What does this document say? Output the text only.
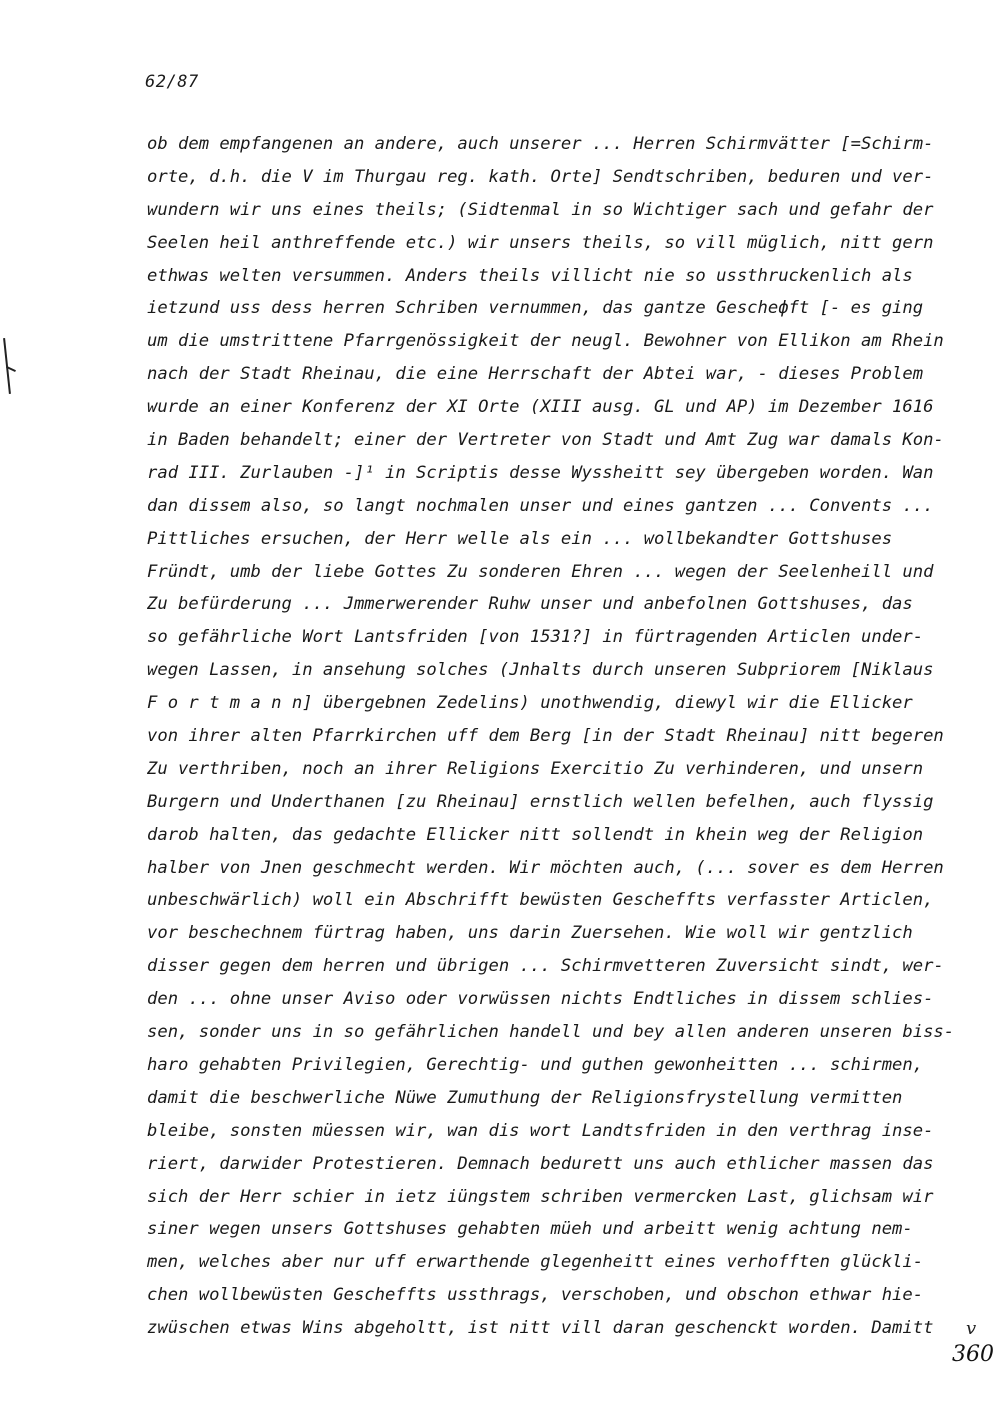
62/87
ob dem empfangenen an andere, auch unserer ... Herren Schirmvätter [=Schirm-
orte, d.h. die V im Thurgau reg. kath. Orte] Sendtschriben, beduren und ver-
wundern wir uns eines theils; (Sidtenmal in so Wichtiger sach und gefahr der
Seelen heil anthreffende etc.) wir unsers theils, so vill müglich, nitt gern
ethwas welten versummen. Anders theils villicht nie so ussthruckenlich als
ietzund uss dess herren Schriben vernummen, das gantze Gescheфft [- es ging
um die umstrittene Pfarrgenössigkeit der neugl. Bewohner von Ellikon am Rhein
nach der Stadt Rheinau, die eine Herrschaft der Abtei war, - dieses Problem
wurde an einer Konferenz der XI Orte (XIII ausg. GL und AP) im Dezember 1616
in Baden behandelt; einer der Vertreter von Stadt und Amt Zug war damals Kon-
rad III. Zurlauben -]¹ in Scriptis desse Wyssheitt sey übergeben worden. Wan
dan dissem also, so langt nochmalen unser und eines gantzen ... Convents ...
Pittliches ersuchen, der Herr welle als ein ... wollbekandter Gottshuses
Fründt, umb der liebe Gottes Zu sonderen Ehren ... wegen der Seelenheill und
Zu befürderung ... Jmmerwerender Ruhw unser und anbefolnen Gottshuses, das
so gefährliche Wort Lantsfriden [von 1531?] in fürtragenden Articlen under-
wegen Lassen, in ansehung solches (Jnhalts durch unseren Subpriorem [Niklaus
F o r t m a n n] übergebnen Zedelins) unothwendig, diewyl wir die Ellicker
von ihrer alten Pfarrkirchen uff dem Berg [in der Stadt Rheinau] nitt begeren
Zu verthriben, noch an ihrer Religions Exercitio Zu verhinderen, und unsern
Burgern und Underthanen [zu Rheinau] ernstlich wellen befelhen, auch flyssig
darob halten, das gedachte Ellicker nitt sollendt in khein weg der Religion
halber von Jnen geschmecht werden. Wir möchten auch, (... sover es dem Herren
unbeschwärlich) woll ein Abschrifft bewüsten Gescheffts verfasster Articlen,
vor beschechnem fürtrag haben, uns darin Zuersehen. Wie woll wir gentzlich
disser gegen dem herren und übrigen ... Schirmvetteren Zuversicht sindt, wer-
den ... ohne unser Aviso oder vorwüssen nichts Endtliches in dissem schlies-
sen, sonder uns in so gefährlichen handell und bey allen anderen unseren biss-
haro gehabten Privilegien, Gerechtig- und guthen gewonheitten ... schirmen,
damit die beschwerliche Nüwe Zumuthung der Religionsfrystellung vermitten
bleibe, sonsten müessen wir, wan dis wort Landtsfriden in den verthrag inse-
riert, darwider Protestieren. Demnach bedurett uns auch ethlicher massen das
sich der Herr schier in ietz iüngstem schriben vermercken Last, glichsam wir
siner wegen unsers Gottshuses gehabten müeh und arbeitt wenig achtung nem-
men, welches aber nur uff erwarthende glegenheitt eines verhofften glückli-
chen wollbewüsten Gescheffts ussthrags, verschoben, und obschon ethwar hie-
zwüschen etwas Wins abgeholtt, ist nitt vill daran geschenckt worden. Damitt v
360
